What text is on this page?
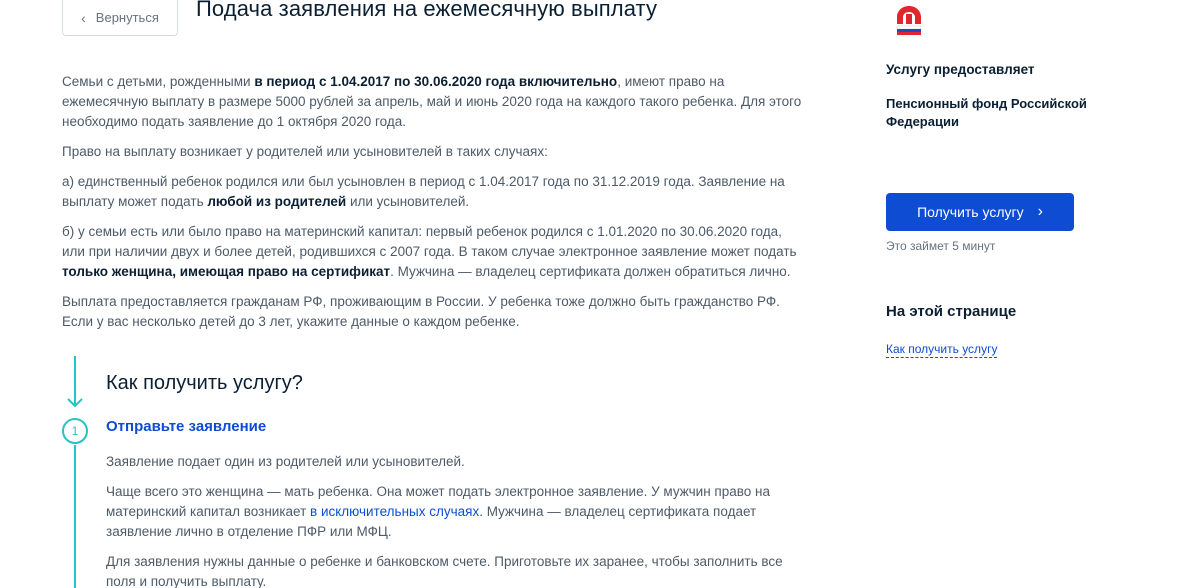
‹ Вернуться Подача заявления на ежемесячную выплату

Семьи с детьми, рожденными в период с 1.04.2017 по 30.06.2020 года включительно, имеют право на ежемесячную выплату в размере 5000 рублей за апрель, май и июнь 2020 года на каждого такого ребенка. Для этого необходимо подать заявление до 1 октября 2020 года.

Право на выплату возникает у родителей или усыновителей в таких случаях:

а) единственный ребенок родился или был усыновлен в период с 1.04.2017 года по 31.12.2019 года. Заявление на выплату может подать любой из родителей или усыновителей.

б) у семьи есть или было право на материнский капитал: первый ребенок родился с 1.01.2020 по 30.06.2020 года, или при наличии двух и более детей, родившихся с 2007 года. В таком случае электронное заявление может подать только женщина, имеющая право на сертификат. Мужчина — владелец сертификата должен обратиться лично.

Выплата предоставляется гражданам РФ, проживающим в России. У ребенка тоже должно быть гражданство РФ. Если у вас несколько детей до 3 лет, укажите данные о каждом ребенке.

1
Как получить услугу?
Отправьте заявление

Заявление подает один из родителей или усыновителей.

Чаще всего это женщина — мать ребенка. Она может подать электронное заявление. У мужчин право на материнский капитал возникает в исключительных случаях. Мужчина — владелец сертификата подает заявление лично в отделение ПФР или МФЦ.

Для заявления нужны данные о ребенке и банковском счете. Приготовьте их заранее, чтобы заполнить все поля и получить выплату.

Услугу предоставляет
Пенсионный фонд Российской Федерации
Получить услугу ›
Это займет 5 минут
На этой странице
Как получить услугу
